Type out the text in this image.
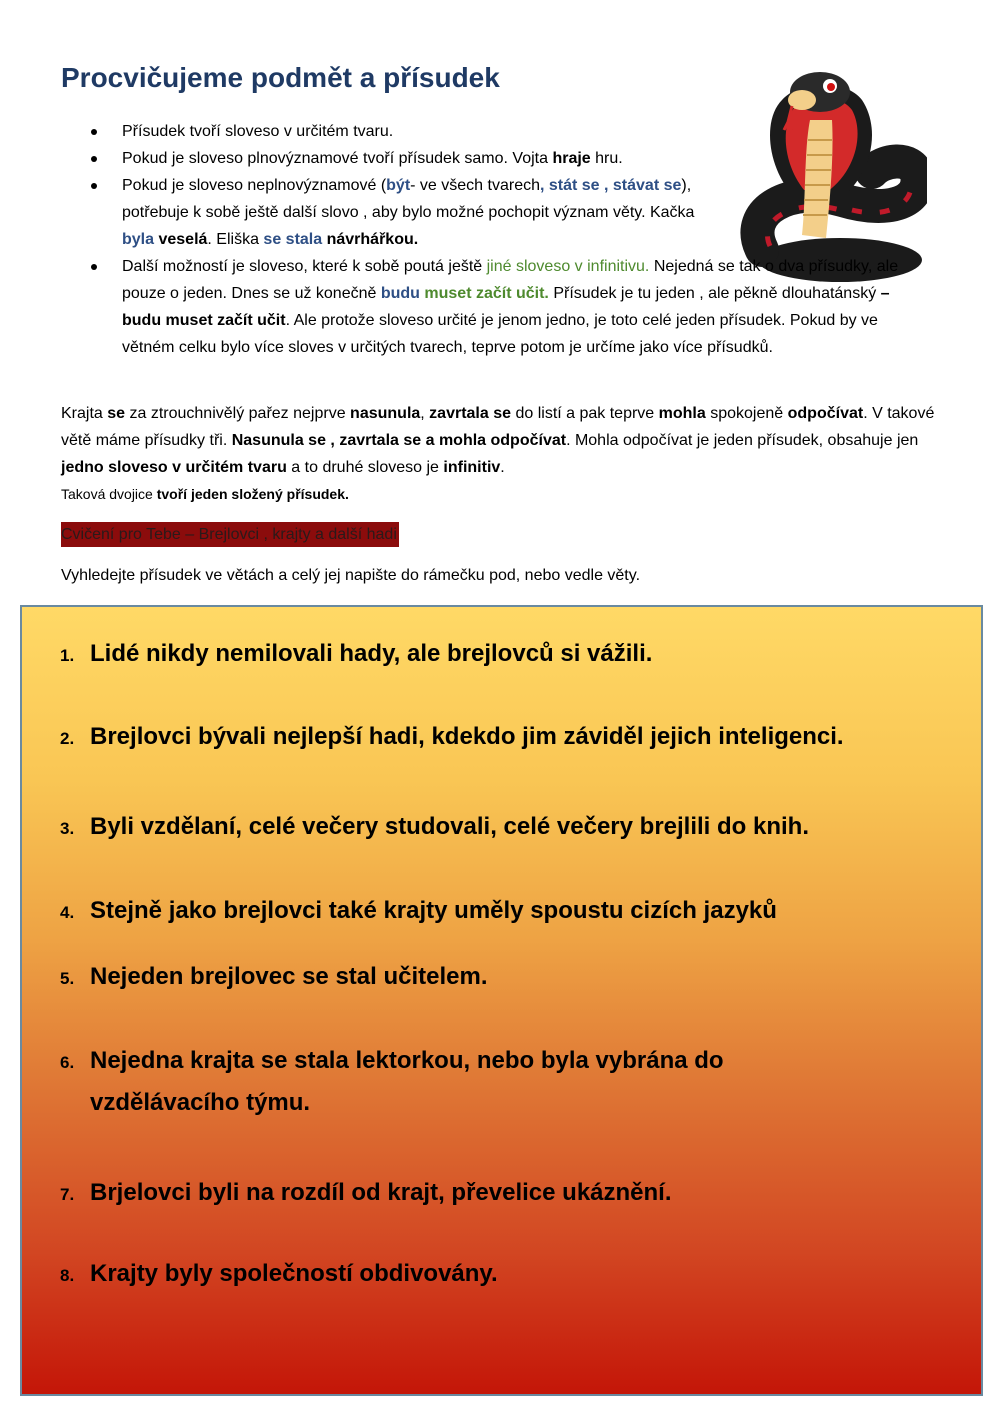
Procvičujeme podmět a přísudek
Přísudek tvoří sloveso v určitém tvaru.
Pokud je sloveso plnovýznamové tvoří přísudek samo. Vojta hraje hru.
Pokud je sloveso neplnovýznamové (být- ve všech tvarech, stát se , stávat se), potřebuje k sobě ještě další slovo , aby bylo možné pochopit význam věty. Kačka byla veselá. Eliška se stala návrhářkou.
Další možností je sloveso, které k sobě poutá ještě jiné sloveso v infinitivu. Nejedná se tak o dva přísudky, ale pouze o jeden. Dnes se už konečně budu muset začít učit. Přísudek je tu jeden , ale pěkně dlouhatánský – budu muset začít učit. Ale protože sloveso určité je jenom jedno, je toto celé jeden přísudek. Pokud by ve větném celku bylo více sloves v určitých tvarech, teprve potom je určíme jako více přísudků.

Krajta se za ztrouchnivělý pařez nejprve nasunula, zavrtala se do listí a pak teprve mohla spokojeně odpočívat. V takové větě máme přísudky tři. Nasunula se , zavrtala se a mohla odpočívat. Mohla odpočívat je jeden přísudek, obsahuje jen jedno sloveso v určitém tvaru a to druhé sloveso je infinitiv.
Taková dvojice tvoří jeden složený přísudek.

Cvičení pro Tebe – Brejlovci , krajty a další hadi

Vyhledejte přísudek ve větách a celý jej napište do rámečku pod, nebo vedle věty.

1. Lidé nikdy nemilovali hady, ale brejlovců si vážili.

2. Brejlovci bývali nejlepší hadi, kdekdo jim záviděl jejich inteligenci.

3. Byli vzdělaní, celé večery studovali, celé večery brejlili do knih.

4. Stejně jako brejlovci také krajty uměly spoustu cizích jazyků

5. Nejeden brejlovec se stal učitelem.

6. Nejedna krajta se stala lektorkou, nebo byla vybrána do vzdělávacího týmu.

7. Brjelovci byli na rozdíl od krajt, převelice ukáznění.

8. Krajty byly společností obdivovány.
